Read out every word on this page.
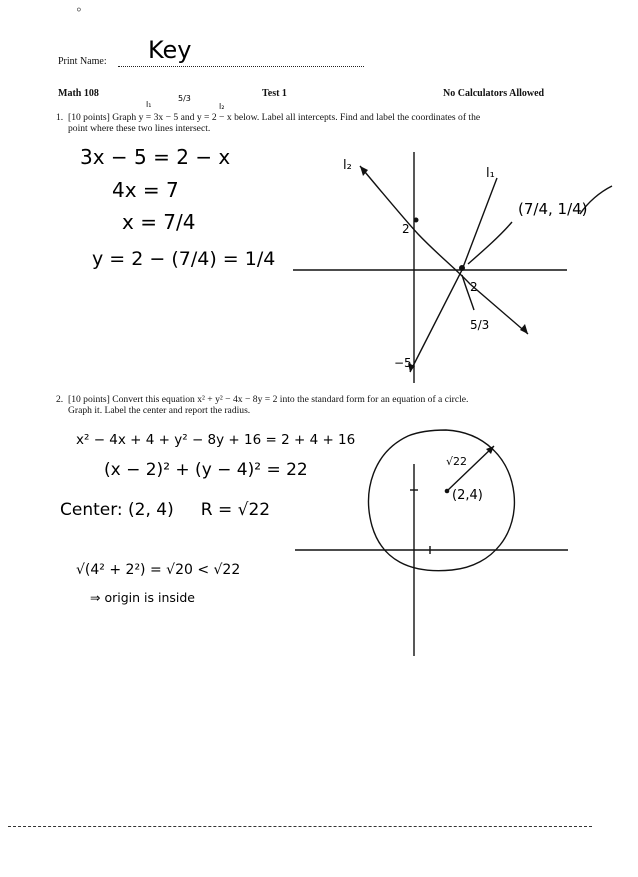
⸰
Print Name: Key
Math 108	Test 1	No Calculators Allowed
l₁
5/3
l₂
1. [10 points] Graph y = 3x − 5 and y = 2 − x below. Label all intercepts. Find and label the coordinates of the
point where these two lines intersect.
3x − 5 = 2 − x
4x = 7
x = 7/4
y = 2 − (7/4) = 1/4
l₂
l₁
(7/4, 1/4)
2
2
5/3
−5
2. [10 points] Convert this equation x² + y² − 4x − 8y = 2 into the standard form for an equation of a circle.
Graph it. Label the center and report the radius.
x² − 4x + 4 + y² − 8y + 16 = 2 + 4 + 16
(x − 2)² + (y − 4)² = 22
Center: (2, 4)     R = √22
√(4² + 2²) = √20 < √22
⇒ origin is inside
√22
(2,4)
